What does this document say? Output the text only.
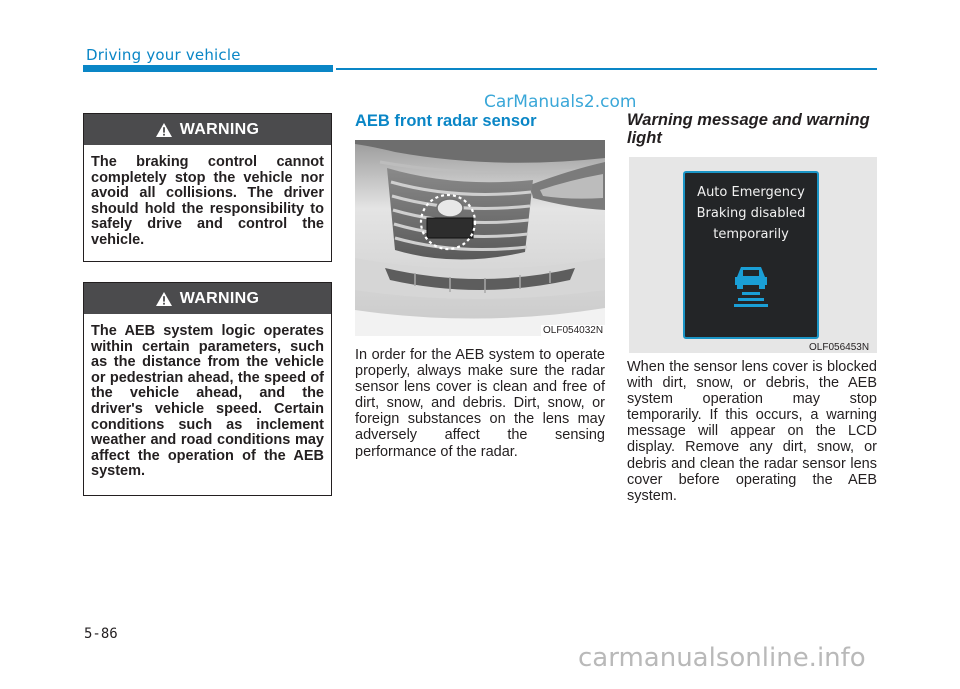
Driving your vehicle
CarManuals2.com
WARNING
The braking control cannot completely stop the vehicle nor avoid all collisions. The driver should hold the responsibility to safely drive and control the vehicle.
WARNING
The AEB system logic operates within certain parameters, such as the distance from the vehicle or pedestrian ahead, the speed of the vehicle ahead, and the driver's vehicle speed. Certain conditions such as inclement weather and road conditions may affect the operation of the AEB system.
AEB front radar sensor
OLF054032N
In order for the AEB system to operate properly, always make sure the radar sensor lens cover is clean and free of dirt, snow, and debris. Dirt, snow, or foreign substances on the lens may adversely affect the sensing performance of the radar.
Warning message and warning light
Auto Emergency
Braking disabled
temporarily
OLF056453N
When the sensor lens cover is blocked with dirt, snow, or debris, the AEB system operation may stop temporarily. If this occurs, a warning message will appear on the LCD display. Remove any dirt, snow, or debris and clean the radar sensor lens cover before operating the AEB system.
5-86
carmanualsonline.info
